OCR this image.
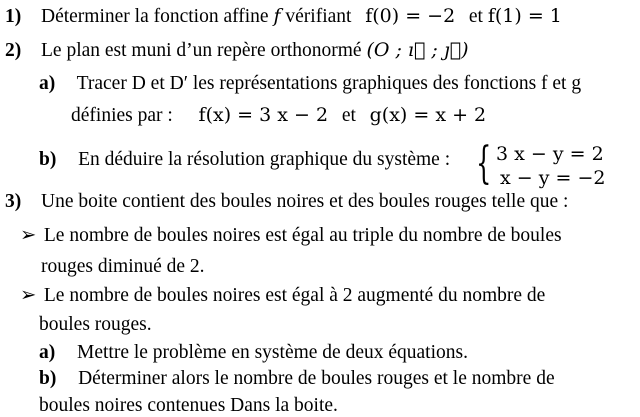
1) Déterminer la fonction affine f vérifiant f(0) = −2 et f(1) = 1
2) Le plan est muni d’un repère orthonormé (O ; ı⃗ ; ȷ⃗)
a) Tracer D et D′ les représentations graphiques des fonctions f et g
définies par : f(x) = 3 x − 2 et g(x) = x + 2
b) En déduire la résolution graphique du système : { 3 x − y = 2
x − y = −2
3) Une boite contient des boules noires et des boules rouges telle que :
➢ Le nombre de boules noires est égal au triple du nombre de boules
rouges diminué de 2.
➢ Le nombre de boules noires est égal à 2 augmenté du nombre de
boules rouges.
a) Mettre le problème en système de deux équations.
b) Déterminer alors le nombre de boules rouges et le nombre de
boules noires contenues Dans la boite.
